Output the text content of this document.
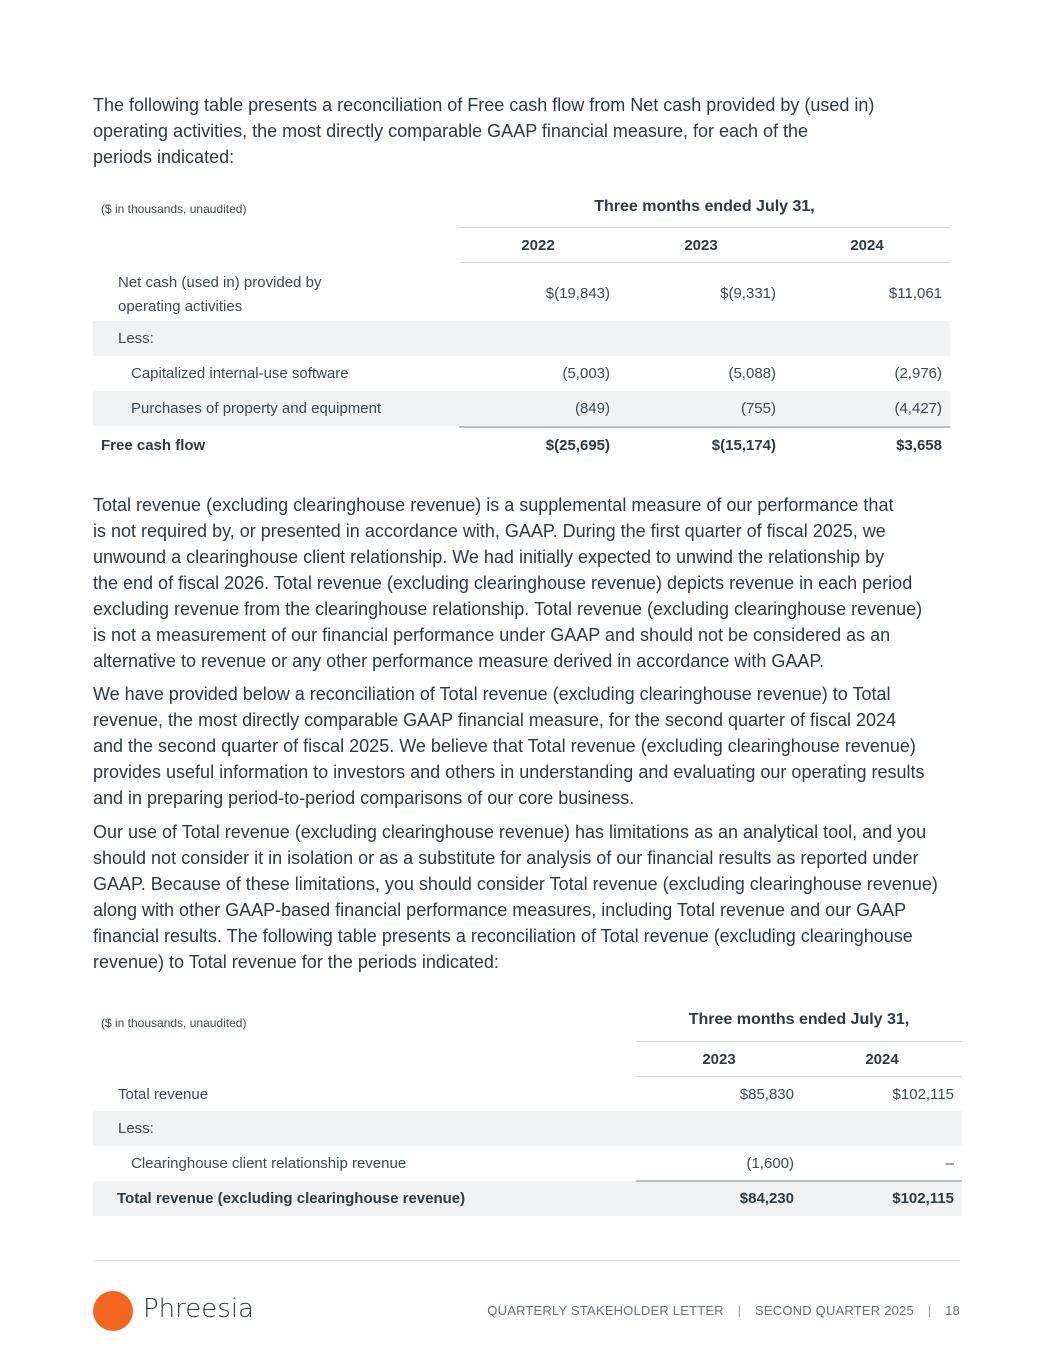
The following table presents a reconciliation of Free cash flow from Net cash provided by (used in)
operating activities, the most directly comparable GAAP financial measure, for each of the
periods indicated:
($ in thousands, unaudited)	Three months ended July 31,
2022	2023	2024
Net cash (used in) provided by
operating activities
$(19,843)	$(9,331)	$11,061
Less:
Capitalized internal-use software	(5,003)	(5,088)	(2,976)
Purchases of property and equipment	(849)	(755)	(4,427)
Free cash flow	$(25,695)	$(15,174)	$3,658
Total revenue (excluding clearinghouse revenue) is a supplemental measure of our performance that
is not required by, or presented in accordance with, GAAP. During the first quarter of fiscal 2025, we
unwound a clearinghouse client relationship. We had initially expected to unwind the relationship by
the end of fiscal 2026. Total revenue (excluding clearinghouse revenue) depicts revenue in each period
excluding revenue from the clearinghouse relationship. Total revenue (excluding clearinghouse revenue)
is not a measurement of our financial performance under GAAP and should not be considered as an
alternative to revenue or any other performance measure derived in accordance with GAAP.
We have provided below a reconciliation of Total revenue (excluding clearinghouse revenue) to Total
revenue, the most directly comparable GAAP financial measure, for the second quarter of fiscal 2024
and the second quarter of fiscal 2025. We believe that Total revenue (excluding clearinghouse revenue)
provides useful information to investors and others in understanding and evaluating our operating results
and in preparing period-to-period comparisons of our core business.
Our use of Total revenue (excluding clearinghouse revenue) has limitations as an analytical tool, and you
should not consider it in isolation or as a substitute for analysis of our financial results as reported under
GAAP. Because of these limitations, you should consider Total revenue (excluding clearinghouse revenue)
along with other GAAP-based financial performance measures, including Total revenue and our GAAP
financial results. The following table presents a reconciliation of Total revenue (excluding clearinghouse
revenue) to Total revenue for the periods indicated:
($ in thousands, unaudited)	Three months ended July 31,
2023	2024
Total revenue	$85,830	$102,115
Less:
Clearinghouse client relationship revenue	(1,600)	–
Total revenue (excluding clearinghouse revenue)	$84,230	$102,115
Phreesia	QUARTERLY STAKEHOLDER LETTER | SECOND QUARTER 2025 | 18
